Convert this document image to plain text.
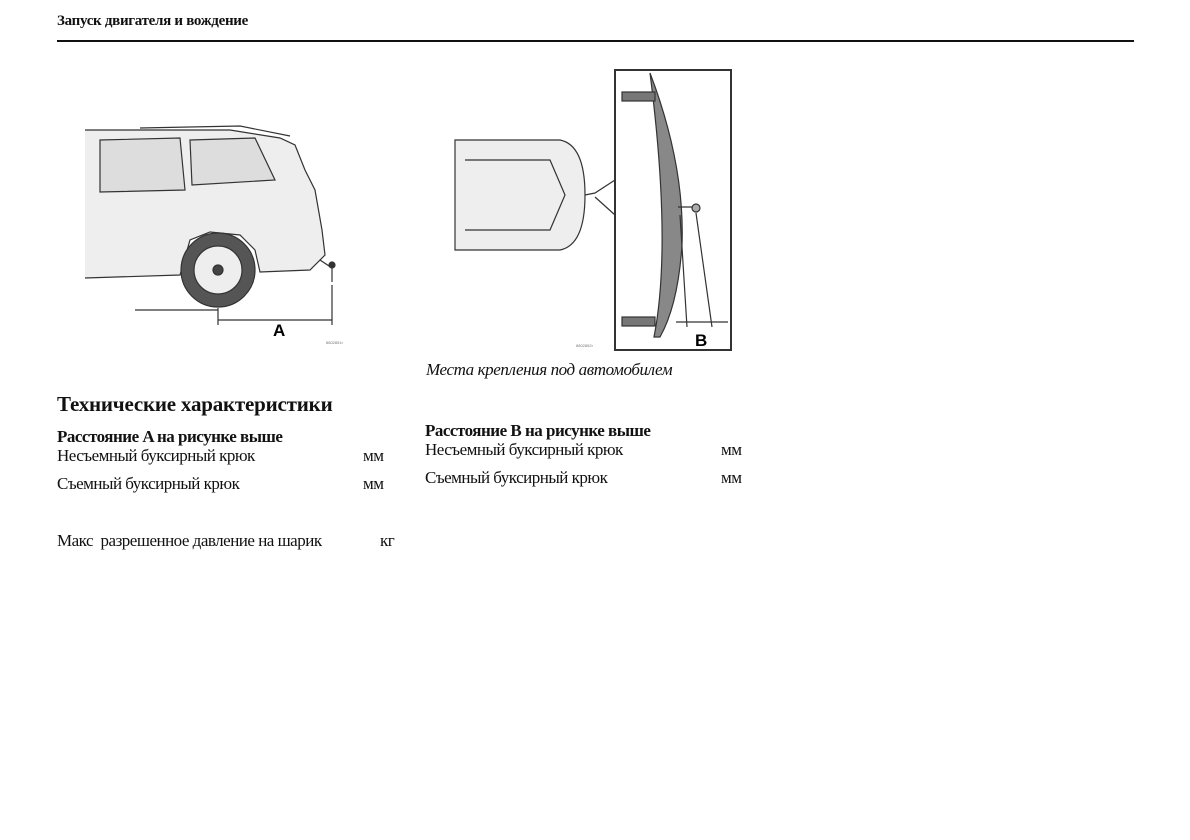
Запуск двигателя и вождение
A
8802851r	B
8802852r
Места крепления под автомобилем
Технические характеристики
Расстояние A на рисунке выше
Несъемный буксирный крюк	мм
Съемный буксирный крюк	мм
Расстояние B на рисунке выше
Несъемный буксирный крюк	мм
Съемный буксирный крюк	мм
Макс  разрешенное давление на шарик	кг
